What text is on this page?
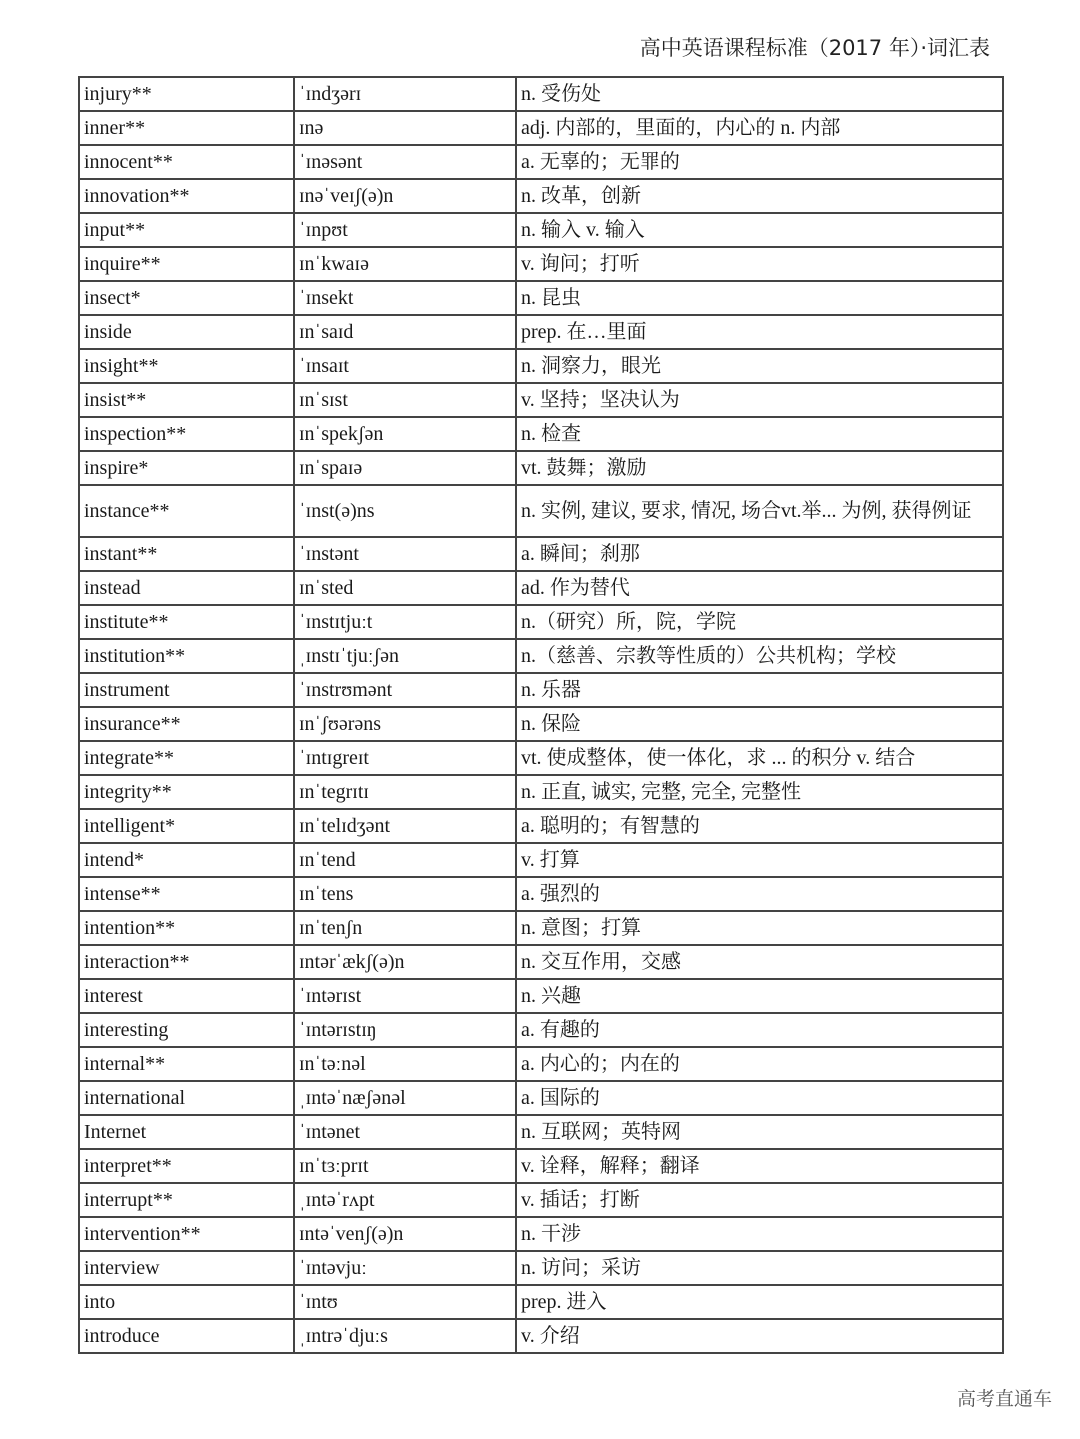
高中英语课程标准（2017 年）·词汇表
injury**	ˈɪndʒərɪ	n. 受伤处
inner**	ɪnə	adj. 内部的，里面的，内心的 n. 内部
innocent**	ˈɪnəsənt	a. 无辜的；无罪的
innovation**	ɪnəˈveɪʃ(ə)n	n. 改革，创新
input**	ˈɪnpʊt	n. 输入 v. 输入
inquire**	ɪnˈkwaɪə	v. 询问；打听
insect*	ˈɪnsekt	n. 昆虫
inside	ɪnˈsaɪd	prep. 在…里面
insight**	ˈɪnsaɪt	n. 洞察力，眼光
insist**	ɪnˈsɪst	v. 坚持；坚决认为
inspection**	ɪnˈspekʃən	n. 检查
inspire*	ɪnˈspaɪə	vt. 鼓舞；激励
instance**	ˈɪnst(ə)ns	n. 实例, 建议, 要求, 情况, 场合vt.举... 为例, 获得例证
instant**	ˈɪnstənt	a. 瞬间；刹那
instead	ɪnˈsted	ad. 作为替代
institute**	ˈɪnstɪtjuːt	n.（研究）所，院，学院
institution**	ˌɪnstɪˈtjuːʃən	n.（慈善、宗教等性质的）公共机构；学校
instrument	ˈɪnstrʊmənt	n. 乐器
insurance**	ɪnˈʃʊərəns	n. 保险
integrate**	ˈɪntɪgreɪt	vt. 使成整体，使一体化，求 ... 的积分 v. 结合
integrity**	ɪnˈtegrɪtɪ	n. 正直, 诚实, 完整, 完全, 完整性
intelligent*	ɪnˈtelɪdʒənt	a. 聪明的；有智慧的
intend*	ɪnˈtend	v. 打算
intense**	ɪnˈtens	a. 强烈的
intention**	ɪnˈtenʃn	n. 意图；打算
interaction**	ɪntərˈækʃ(ə)n	n. 交互作用，交感
interest	ˈɪntərɪst	n. 兴趣
interesting	ˈɪntərɪstɪŋ	a. 有趣的
internal**	ɪnˈtəːnəl	a. 内心的；内在的
international	ˌɪntəˈnæʃənəl	a. 国际的
Internet	ˈɪntənet	n. 互联网；英特网
interpret**	ɪnˈtɜːprɪt	v. 诠释，解释；翻译
interrupt**	ˌɪntəˈrʌpt	v. 插话；打断
intervention**	ɪntəˈvenʃ(ə)n	n. 干涉
interview	ˈɪntəvjuː	n. 访问；采访
into	ˈɪntʊ	prep. 进入
introduce	ˌɪntrəˈdjuːs	v. 介绍
高考直通车
